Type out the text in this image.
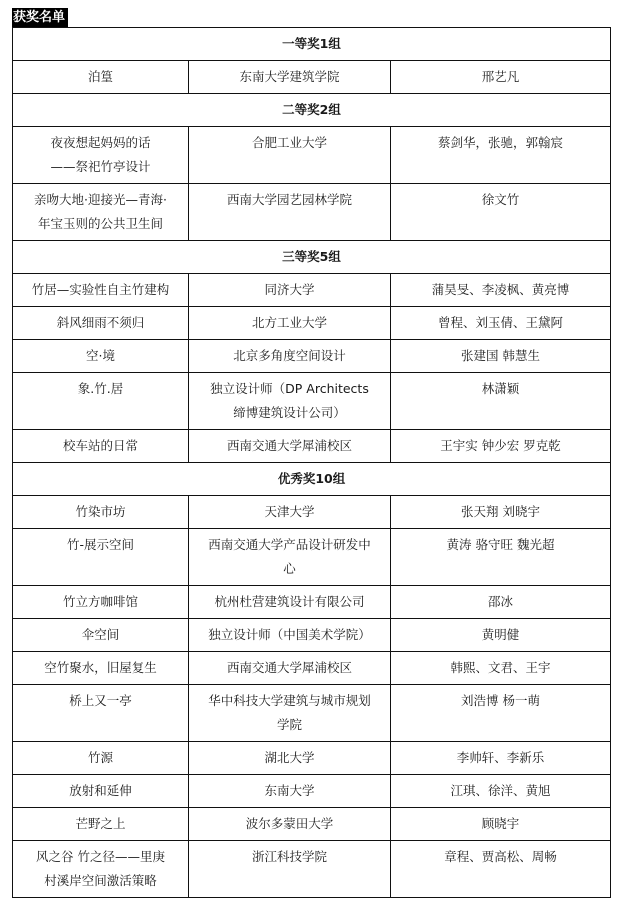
获奖名单
一等奖1组		

泊篁	东南大学建筑学院	邢艺凡

二等奖2组		

夜夜想起妈妈的话
——祭祀竹亭设计	合肥工业大学	蔡剑华，张驰，郭翰宸

亲吻大地·迎接光—青海·
年宝玉则的公共卫生间	西南大学园艺园林学院	徐文竹

三等奖5组		

竹居—实验性自主竹建构	同济大学	蒲昊旻、李凌枫、黄亮博

斜风细雨不须归	北方工业大学	曾程、刘玉倩、王黛阿

空·境	北京多角度空间设计	张建国 韩慧生

象.竹.居	独立设计师（DP Architects
缔博建筑设计公司）	林潇颖

校车站的日常	西南交通大学犀浦校区	王宇实 钟少宏 罗克乾

优秀奖10组		

竹染市坊	天津大学	张天翔 刘晓宇

竹-展示空间	西南交通大学产品设计研发中
心	黄涛 骆守旺 魏光超

竹立方咖啡馆	杭州杜营建筑设计有限公司	邵冰

伞空间	独立设计师（中国美术学院）	黄明健

空竹聚水，旧屋复生	西南交通大学犀浦校区	韩熙、文君、王宇

桥上又一亭	华中科技大学建筑与城市规划
学院	刘浩博 杨一萌

竹源	湖北大学	李帅轩、李新乐

放射和延伸	东南大学	江琪、徐洋、黄旭

芒野之上	波尔多蒙田大学	顾晓宇

风之谷 竹之径——里庚
村溪岸空间激活策略	浙江科技学院	章程、贾高松、周畅
